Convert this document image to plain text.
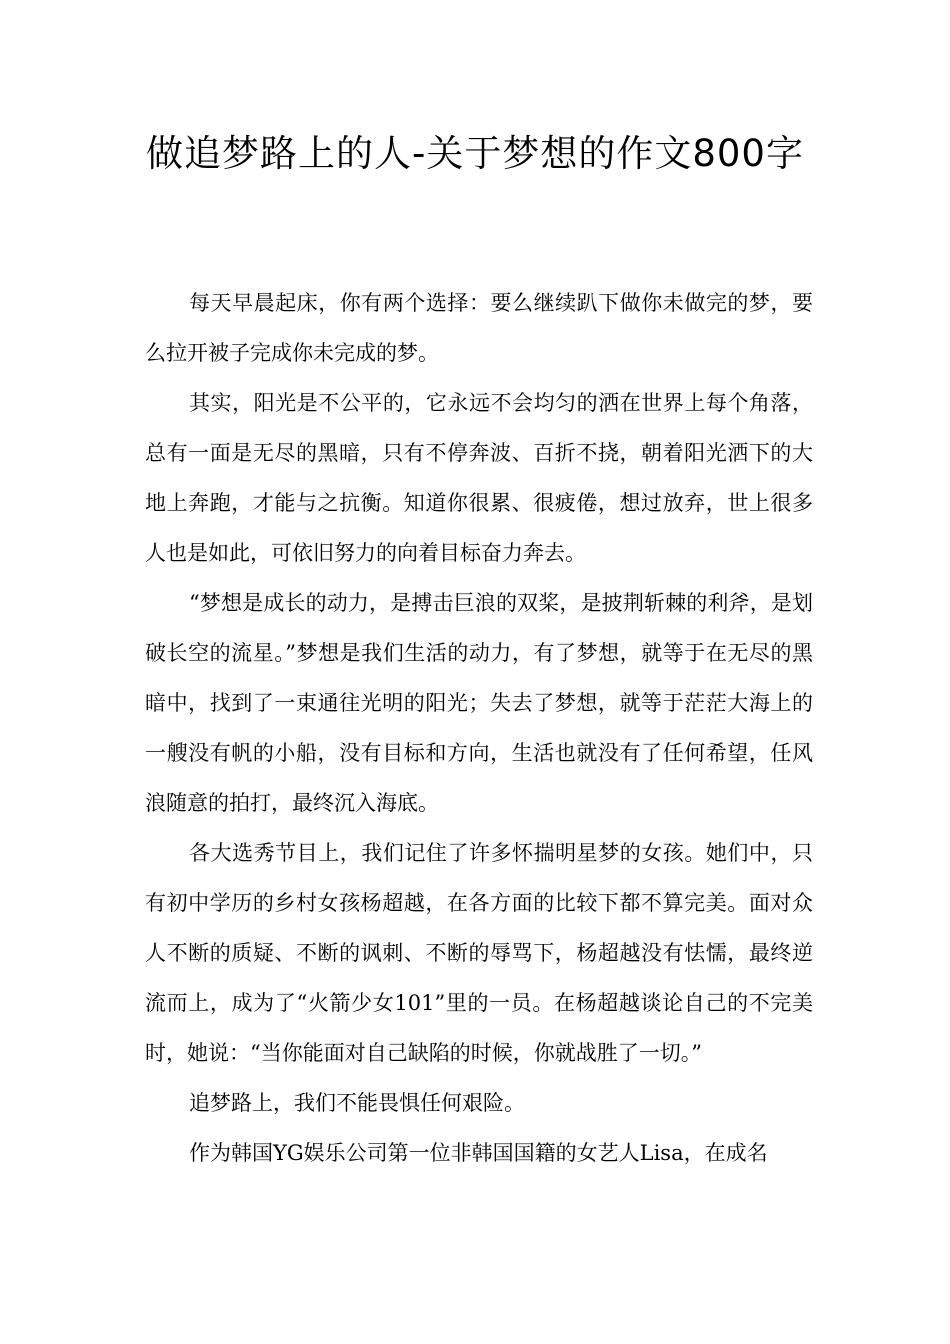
做追梦路上的人-关于梦想的作文800字

每天早晨起床，你有两个选择：要么继续趴下做你未做完的梦，要么拉开被子完成你未完成的梦。

其实，阳光是不公平的，它永远不会均匀的洒在世界上每个角落，总有一面是无尽的黑暗，只有不停奔波、百折不挠，朝着阳光洒下的大地上奔跑，才能与之抗衡。知道你很累、很疲倦，想过放弃，世上很多人也是如此，可依旧努力的向着目标奋力奔去。

“梦想是成长的动力，是搏击巨浪的双桨，是披荆斩棘的利斧，是划破长空的流星。”梦想是我们生活的动力，有了梦想，就等于在无尽的黑暗中，找到了一束通往光明的阳光；失去了梦想，就等于茫茫大海上的一艘没有帆的小船，没有目标和方向，生活也就没有了任何希望，任风浪随意的拍打，最终沉入海底。

各大选秀节目上，我们记住了许多怀揣明星梦的女孩。她们中，只有初中学历的乡村女孩杨超越，在各方面的比较下都不算完美。面对众人不断的质疑、不断的讽刺、不断的辱骂下，杨超越没有怯懦，最终逆流而上，成为了“火箭少女101”里的一员。在杨超越谈论自己的不完美时，她说：“当你能面对自己缺陷的时候，你就战胜了一切。”

追梦路上，我们不能畏惧任何艰险。

作为韩国YG娱乐公司第一位非韩国国籍的女艺人Lisa，在成名
